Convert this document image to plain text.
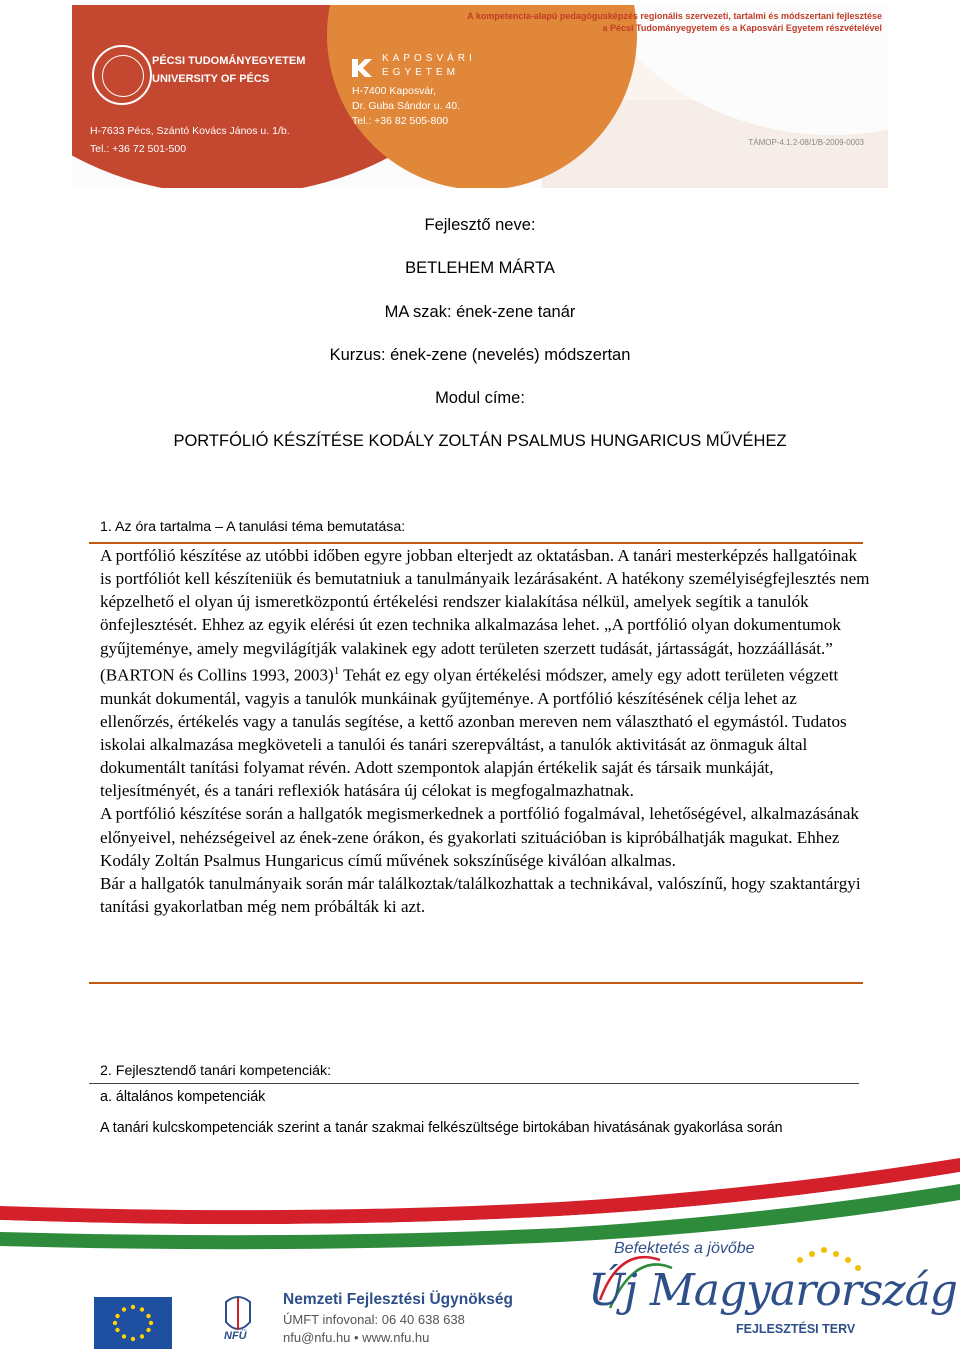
PÉCSI TUDOMÁNYEGYETEM
UNIVERSITY OF PÉCS
H-7633 Pécs, Szántó Kovács János u. 1/b.
Tel.: +36 72 501-500
KAPOSVÁRI
EGYETEM
H-7400 Kaposvár,
Dr. Guba Sándor u. 40.
Tel.: +36 82 505-800
A kompetencia-alapú pedagógusképzés regionális szervezeti, tartalmi és módszertani fejlesztése
a Pécsi Tudományegyetem és a Kaposvári Egyetem részvételével
TÁMOP-4.1.2-08/1/B-2009-0003
Fejlesztő neve:
BETLEHEM MÁRTA
MA szak: ének-zene tanár
Kurzus: ének-zene (nevelés) módszertan
Modul címe:
PORTFÓLIÓ KÉSZÍTÉSE KODÁLY ZOLTÁN PSALMUS HUNGARICUS MŰVÉHEZ
1. Az óra tartalma – A tanulási téma bemutatása:

A portfólió készítése az utóbbi időben egyre jobban elterjedt az oktatásban. A tanári mesterképzés hallgatóinak is portfóliót kell készíteniük és bemutatniuk a tanulmányaik lezárásaként. A hatékony személyiségfejlesztés nem képzelhető el olyan új ismeretközpontú értékelési rendszer kialakítása nélkül, amelyek segítik a tanulók önfejlesztését. Ehhez az egyik elérési út ezen technika alkalmazása lehet. „A portfólió olyan dokumentumok gyűjteménye, amely megvilágítják valakinek egy adott területen szerzett tudását, jártasságát, hozzáállását.” (BARTON és Collins 1993, 2003)$^1$ Tehát ez egy olyan értékelési módszer, amely egy adott területen végzett munkát dokumentál, vagyis a tanulók munkáinak gyűjteménye. A portfólió készítésének célja lehet az ellenőrzés, értékelés vagy a tanulás segítése, a kettő azonban mereven nem választható el egymástól. Tudatos iskolai alkalmazása megköveteli a tanulói és tanári szerepváltást, a tanulók aktivitását az önmaguk által dokumentált tanítási folyamat révén. Adott szempontok alapján értékelik saját és társaik munkáját, teljesítményét, és a tanári reflexiók hatására új célokat is megfogalmazhatnak.

A portfólió készítése során a hallgatók megismerkednek a portfólió fogalmával, lehetőségével, alkalmazásának előnyeivel, nehézségeivel az ének-zene órákon, és gyakorlati szituációban is kipróbálhatják magukat. Ehhez Kodály Zoltán Psalmus Hungaricus című művének sokszínűsége kiválóan alkalmas.

Bár a hallgatók tanulmányaik során már találkoztak/találkozhattak a technikával, valószínű, hogy szaktantárgyi tanítási gyakorlatban még nem próbálták ki azt.

2. Fejlesztendő tanári kompetenciák:
a. általános kompetenciák
A tanári kulcskompetenciák szerint a tanár szakmai felkészültsége birtokában hivatásának gyakorlása során
Nemzeti Fejlesztési Ügynökség
ÚMFT infovonal: 06 40 638 638
nfu@nfu.hu • www.nfu.hu
NFÜ
Befektetés a jövőbe
Új Magyarország
FEJLESZTÉSI TERV
